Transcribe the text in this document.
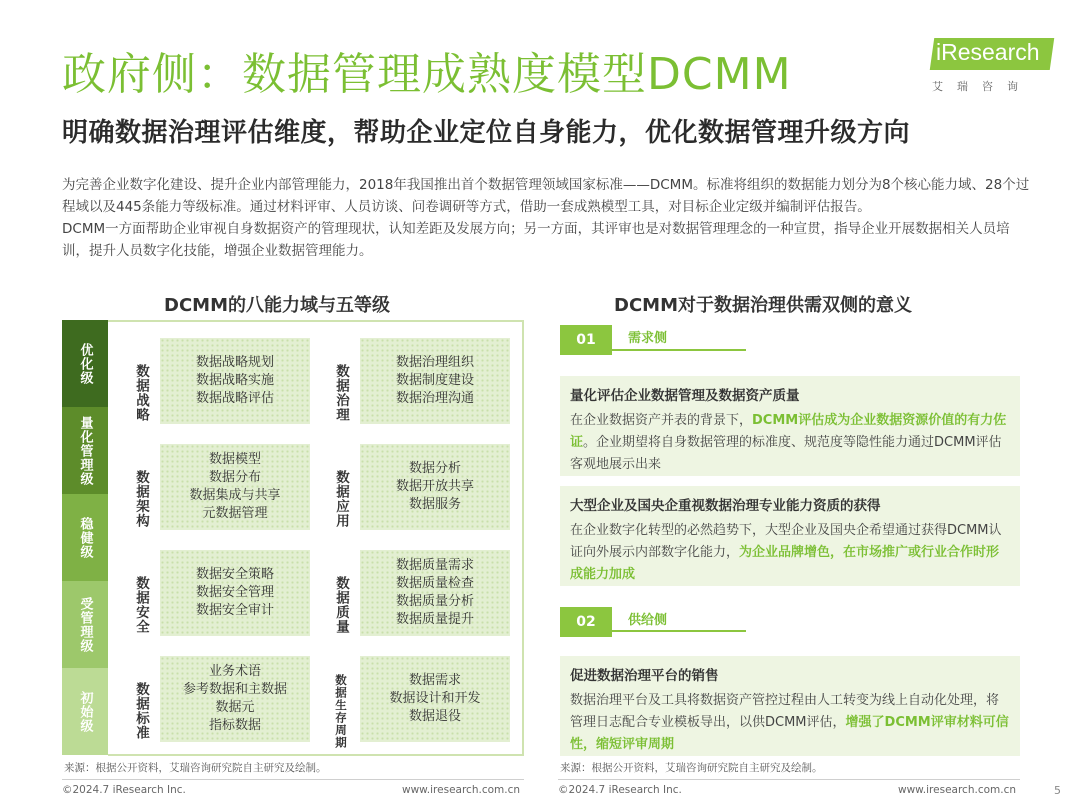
政府侧：数据管理成熟度模型DCMM	iResearch
艾瑞咨询
明确数据治理评估维度，帮助企业定位自身能力，优化数据管理升级方向

为完善企业数字化建设、提升企业内部管理能力，2018年我国推出首个数据管理领域国家标准——DCMM。标准将组织的数据能力划分为8个核心能力域、28个过程域以及445条能力等级标准。通过材料评审、人员访谈、问卷调研等方式，借助一套成熟模型工具，对目标企业定级并编制评估报告。

DCMM一方面帮助企业审视自身数据资产的管理现状，认知差距及发展方向；另一方面，其评审也是对数据管理理念的一种宣贯，指导企业开展数据相关人员培训，提升人员数字化技能，增强企业数据管理能力。

DCMM的八能力域与五等级	DCMM对于数据治理供需双侧的意义
优化级
量化管理级
稳健级
受管理级
初始级
数据战略
数据战略规划
数据战略实施
数据战略评估	数据治理
数据治理组织
数据制度建设
数据治理沟通
数据架构
数据模型
数据分布
数据集成与共享
元数据管理	数据应用
数据分析
数据开放共享
数据服务
数据安全
数据安全策略
数据安全管理
数据安全审计	数据质量
数据质量需求
数据质量检查
数据质量分析
数据质量提升
数据标准
业务术语
参考数据和主数据
数据元
指标数据	数据生存周期	数据需求
数据设计和开发
数据退役
01	需求侧
量化评估企业数据管理及数据资产质量
在企业数据资产并表的背景下，DCMM评估成为企业数据资源价值的有力佐证。企业期望将自身数据管理的标准度、规范度等隐性能力通过DCMM评估客观地展示出来
大型企业及国央企重视数据治理专业能力资质的获得
在企业数字化转型的必然趋势下，大型企业及国央企希望通过获得DCMM认证向外展示内部数字化能力，为企业品牌增色，在市场推广或行业合作时形成能力加成
02	供给侧
促进数据治理平台的销售
数据治理平台及工具将数据资产管控过程由人工转变为线上自动化处理，将管理日志配合专业模板导出，以供DCMM评估，增强了DCMM评审材料可信性，缩短评审周期
来源：根据公开资料，艾瑞咨询研究院自主研究及绘制。	来源：根据公开资料，艾瑞咨询研究院自主研究及绘制。
©2024.7 iResearch Inc.	www.iresearch.com.cn	©2024.7 iResearch Inc.	www.iresearch.com.cn	5
